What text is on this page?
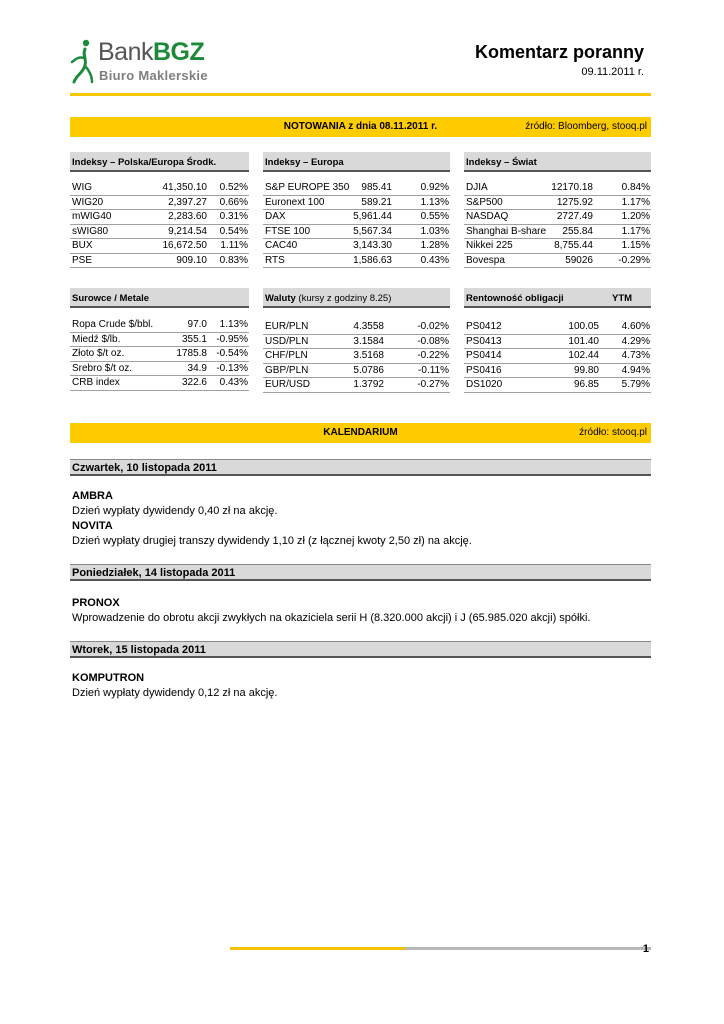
BankBGZ
Biuro Maklerskie
Komentarz poranny
09.11.2011 r.
NOTOWANIA z dnia 08.11.2011 r.	źródło: Bloomberg, stooq.pl
Indeksy – Polska/Europa Środk.
WIG	41,350.10 0.52%
WIG20	2,397.27 0.66%
mWIG40	2,283.60 0.31%
sWIG80	9,214.54 0.54%
BUX	16,672.50 1.11%
PSE	909.10 0.83%
Indeksy – Europa
S&P EUROPE 350 985.41	0.92%
Euronext 100	589.21	1.13%
DAX	5,961.44	0.55%
FTSE 100	5,567.34	1.03%
CAC40	3,143.30	1.28%
RTS	1,586.63	0.43%
Indeksy – Świat
DJIA	12170.18	0.84%
S&P500	1275.92	1.17%
NASDAQ	2727.49	1.20%
Shanghai B-share 255.84	1.17%
Nikkei 225	8,755.44	1.15%
Bovespa	59026	-0.29%
Surowce / Metale
Ropa Crude $/bbl.	97.0 1.13%
Miedź $/lb.	355.1 -0.95%
Złoto $/t oz.	1785.8 -0.54%
Srebro $/t oz.	34.9 -0.13%
CRB index	322.6 0.43%
Waluty (kursy z godziny 8.25)
EUR/PLN	4.3558	-0.02%
USD/PLN	3.1584	-0.08%
CHF/PLN	3.5168	-0.22%
GBP/PLN	5.0786	-0.11%
EUR/USD	1.3792	-0.27%
Rentowność obligacji	YTM
PS0412	100.05 4.60%
PS0413	101.40 4.29%
PS0414	102.44 4.73%
PS0416	99.80 4.94%
DS1020	96.85 5.79%
KALENDARIUM	źródło: stooq.pl
Czwartek, 10 listopada 2011
AMBRA
Dzień wypłaty dywidendy 0,40 zł na akcję.
NOVITA
Dzień wypłaty drugiej transzy dywidendy 1,10 zł (z łącznej kwoty 2,50 zł) na akcję.
Poniedziałek, 14 listopada 2011
PRONOX
Wprowadzenie do obrotu akcji zwykłych na okaziciela serii H (8.320.000 akcji) i J (65.985.020 akcji) spółki.
Wtorek, 15 listopada 2011
KOMPUTRON
Dzień wypłaty dywidendy 0,12 zł na akcję.
1
